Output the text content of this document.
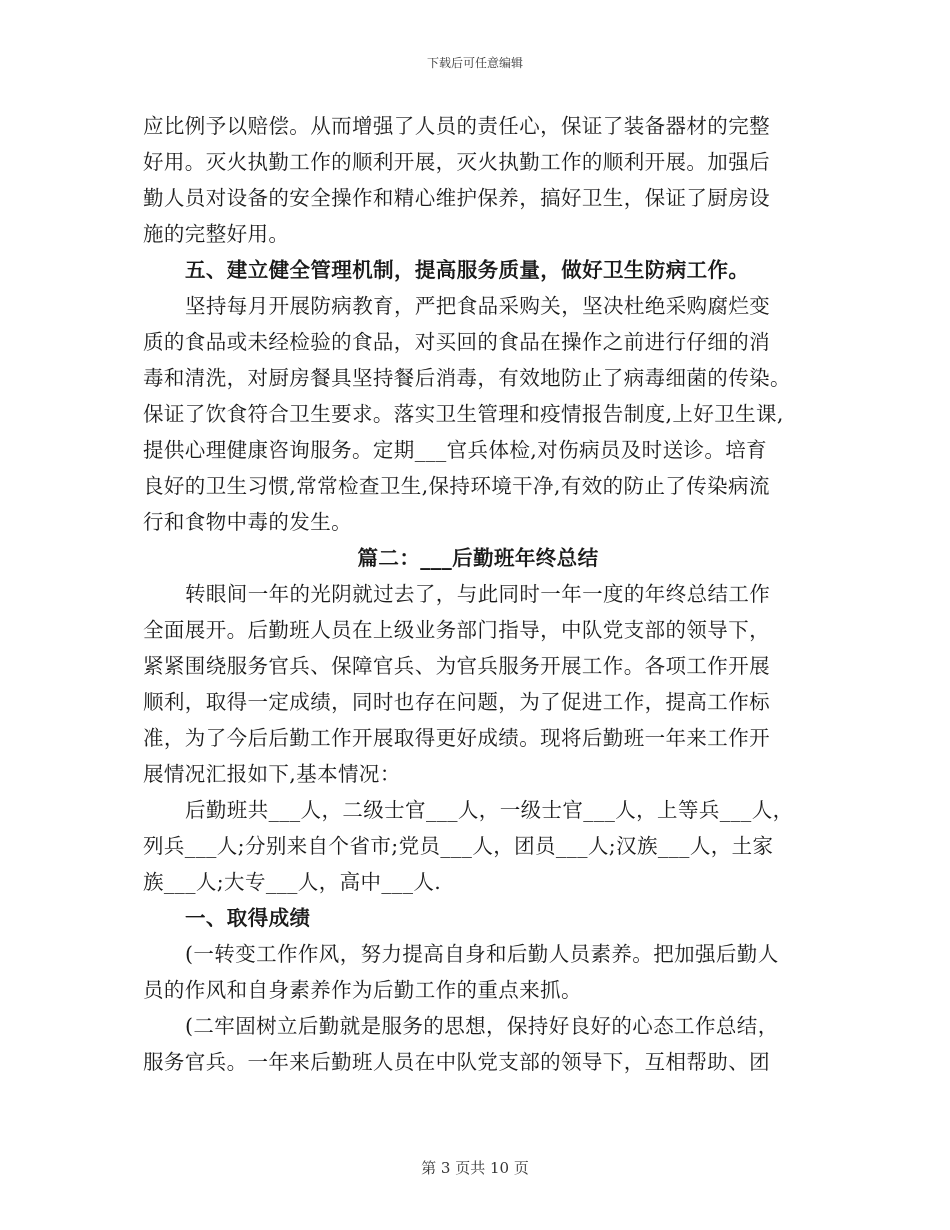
下载后可任意编辑
应比例予以赔偿。从而增强了人员的责任心，保证了装备器材的完整
好用。灭火执勤工作的顺利开展，灭火执勤工作的顺利开展。加强后
勤人员对设备的安全操作和精心维护保养，搞好卫生，保证了厨房设
施的完整好用。
五、建立健全管理机制，提高服务质量，做好卫生防病工作。
坚持每月开展防病教育，严把食品采购关，坚决杜绝采购腐烂变
质的食品或未经检验的食品，对买回的食品在操作之前进行仔细的消
毒和清洗，对厨房餐具坚持餐后消毒，有效地防止了病毒细菌的传染。
保证了饮食符合卫生要求。落实卫生管理和疫情报告制度,上好卫生课,
提供心理健康咨询服务。定期___官兵体检,对伤病员及时送诊。培育
良好的卫生习惯,常常检查卫生,保持环境干净,有效的防止了传染病流
行和食物中毒的发生。
篇二：___后勤班年终总结
转眼间一年的光阴就过去了，与此同时一年一度的年终总结工作
全面展开。后勤班人员在上级业务部门指导，中队党支部的领导下，
紧紧围绕服务官兵、保障官兵、为官兵服务开展工作。各项工作开展
顺利，取得一定成绩，同时也存在问题，为了促进工作，提高工作标
准，为了今后后勤工作开展取得更好成绩。现将后勤班一年来工作开
展情况汇报如下,基本情况：
后勤班共___人，二级士官___人，一级士官___人，上等兵___人，
列兵___人;分别来自个省市;党员___人，团员___人;汉族___人，土家
族___人;大专___人，高中___人.
一、取得成绩
(一转变工作作风，努力提高自身和后勤人员素养。把加强后勤人
员的作风和自身素养作为后勤工作的重点来抓。
(二牢固树立后勤就是服务的思想，保持好良好的心态工作总结，
服务官兵。一年来后勤班人员在中队党支部的领导下，互相帮助、团
第 3 页共 10 页
